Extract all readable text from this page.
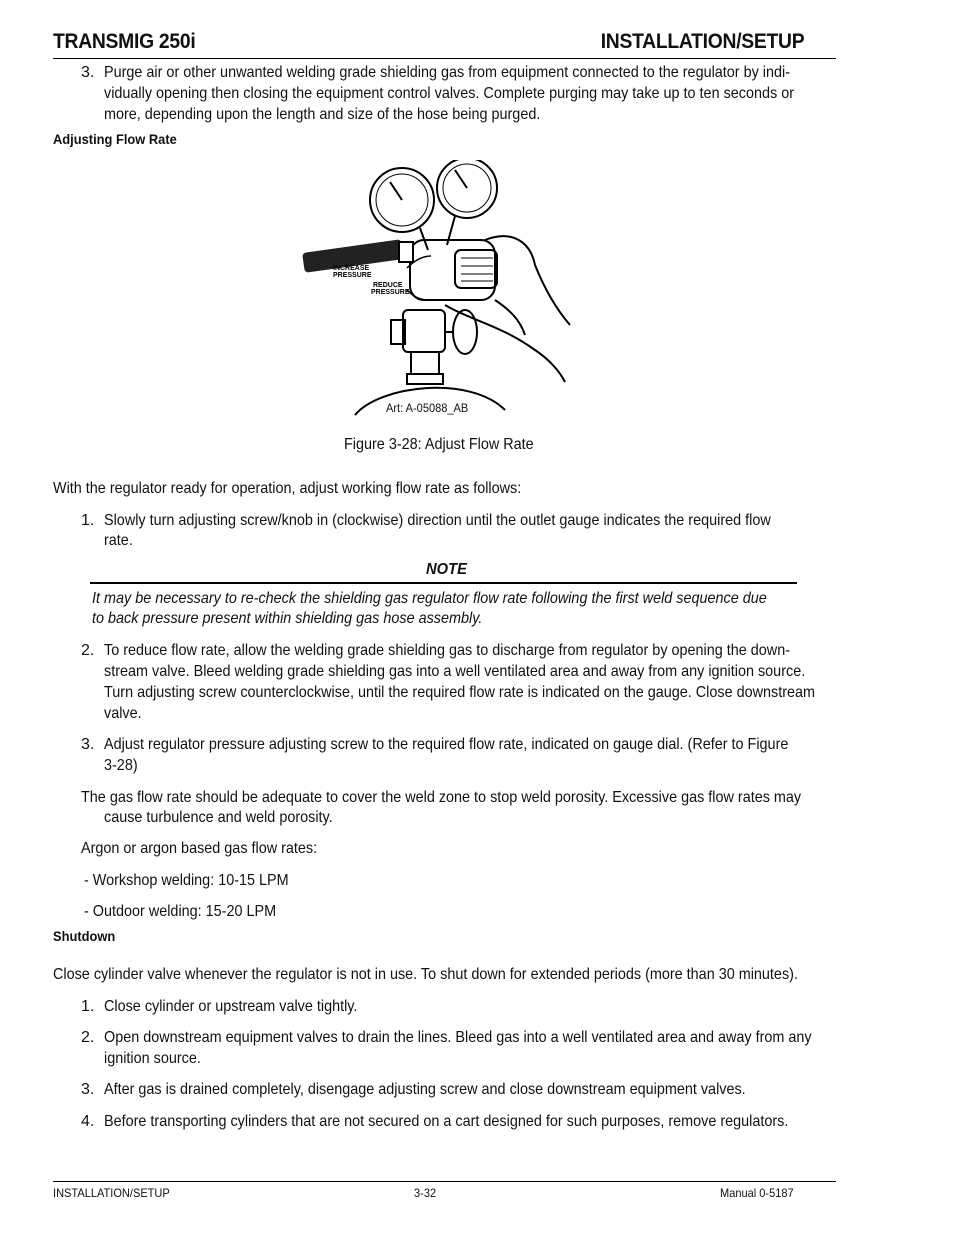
TRANSMIG 250i	INSTALLATION/SETUP
3. Purge air or other unwanted welding grade shielding gas from equipment connected to the regulator by indi-
vidually opening then closing the equipment control valves. Complete purging may take up to ten seconds or
more, depending upon the length and size of the hose being purged.
Adjusting Flow Rate
INCREASE
PRESSURE
REDUCE
PRESSURE
Art: A-05088_AB
Figure 3-28: Adjust Flow Rate
With the regulator ready for operation, adjust working flow rate as follows:
1. Slowly turn adjusting screw/knob in (clockwise) direction until the outlet gauge indicates the required flow
rate.
NOTE
It may be necessary to re-check the shielding gas regulator flow rate following the first weld sequence due
to back pressure present within shielding gas hose assembly.
2. To reduce flow rate, allow the welding grade shielding gas to discharge from regulator by opening the down-
stream valve. Bleed welding grade shielding gas into a well ventilated area and away from any ignition source.
Turn adjusting screw counterclockwise, until the required flow rate is indicated on the gauge. Close downstream
valve.
3. Adjust regulator pressure adjusting screw to the required flow rate, indicated on gauge dial. (Refer to Figure
3-28)
The gas flow rate should be adequate to cover the weld zone to stop weld porosity. Excessive gas flow rates may
cause turbulence and weld porosity.
Argon or argon based gas flow rates:
- Workshop welding: 10-15 LPM
- Outdoor welding: 15-20 LPM
Shutdown
Close cylinder valve whenever the regulator is not in use. To shut down for extended periods (more than 30 minutes).
1. Close cylinder or upstream valve tightly.
2. Open downstream equipment valves to drain the lines. Bleed gas into a well ventilated area and away from any
ignition source.
3. After gas is drained completely, disengage adjusting screw and close downstream equipment valves.
4. Before transporting cylinders that are not secured on a cart designed for such purposes, remove regulators.
INSTALLATION/SETUP	3-32	Manual 0-5187
